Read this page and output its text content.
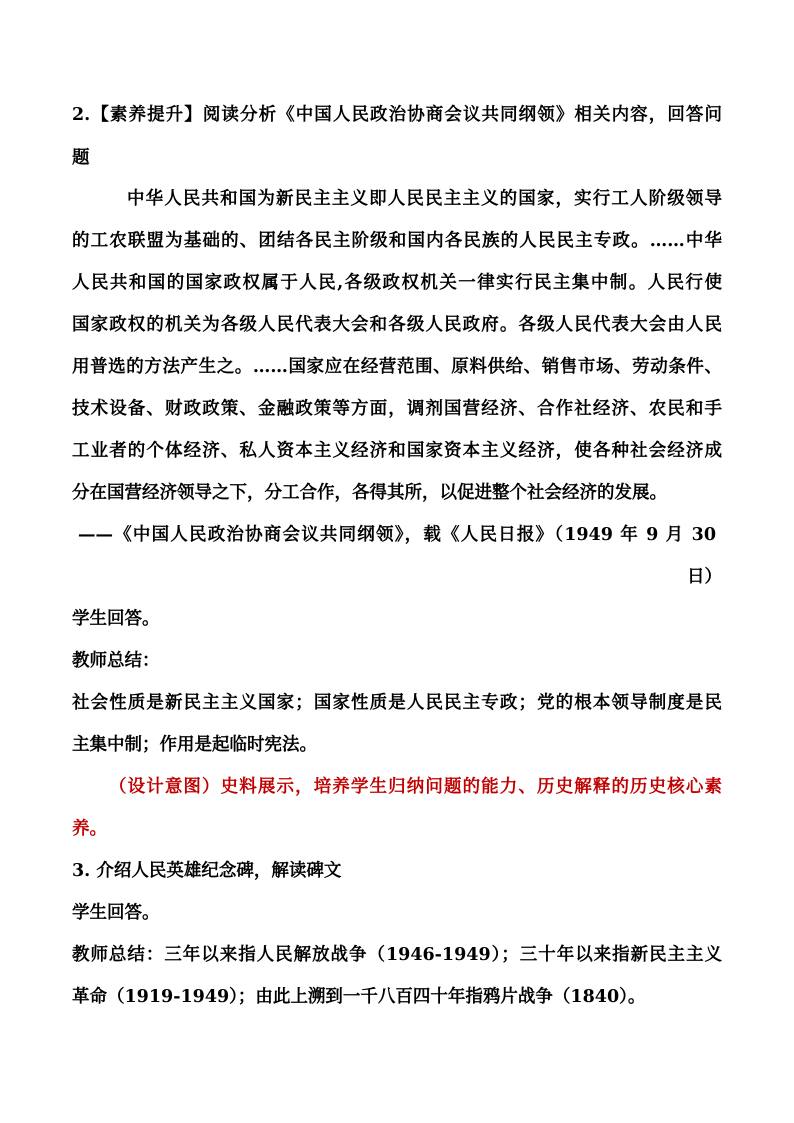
2.【素养提升】阅读分析《中国人民政治协商会议共同纲领》相关内容，回答问
题
中华人民共和国为新民主主义即人民民主主义的国家，实行工人阶级领导
的工农联盟为基础的、团结各民主阶级和国内各民族的人民民主专政。……中华
人民共和国的国家政权属于人民,各级政权机关一律实行民主集中制。人民行使
国家政权的机关为各级人民代表大会和各级人民政府。各级人民代表大会由人民
用普选的方法产生之。……国家应在经营范围、原料供给、销售市场、劳动条件、
技术设备、财政政策、金融政策等方面，调剂国营经济、合作社经济、农民和手
工业者的个体经济、私人资本主义经济和国家资本主义经济，使各种社会经济成
分在国营经济领导之下，分工合作，各得其所，以促进整个社会经济的发展。
——《中国人民政治协商会议共同纲领》，载《人民日报》（1949 年 9 月 30
日）
学生回答。
教师总结：
社会性质是新民主主义国家；国家性质是人民民主专政；党的根本领导制度是民
主集中制；作用是起临时宪法。
（设计意图）史料展示，培养学生归纳问题的能力、历史解释的历史核心素
养。
3. 介绍人民英雄纪念碑，解读碑文
学生回答。
教师总结：三年以来指人民解放战争（1946-1949）；三十年以来指新民主主义
革命（1919-1949）；由此上溯到一千八百四十年指鸦片战争（1840）。
